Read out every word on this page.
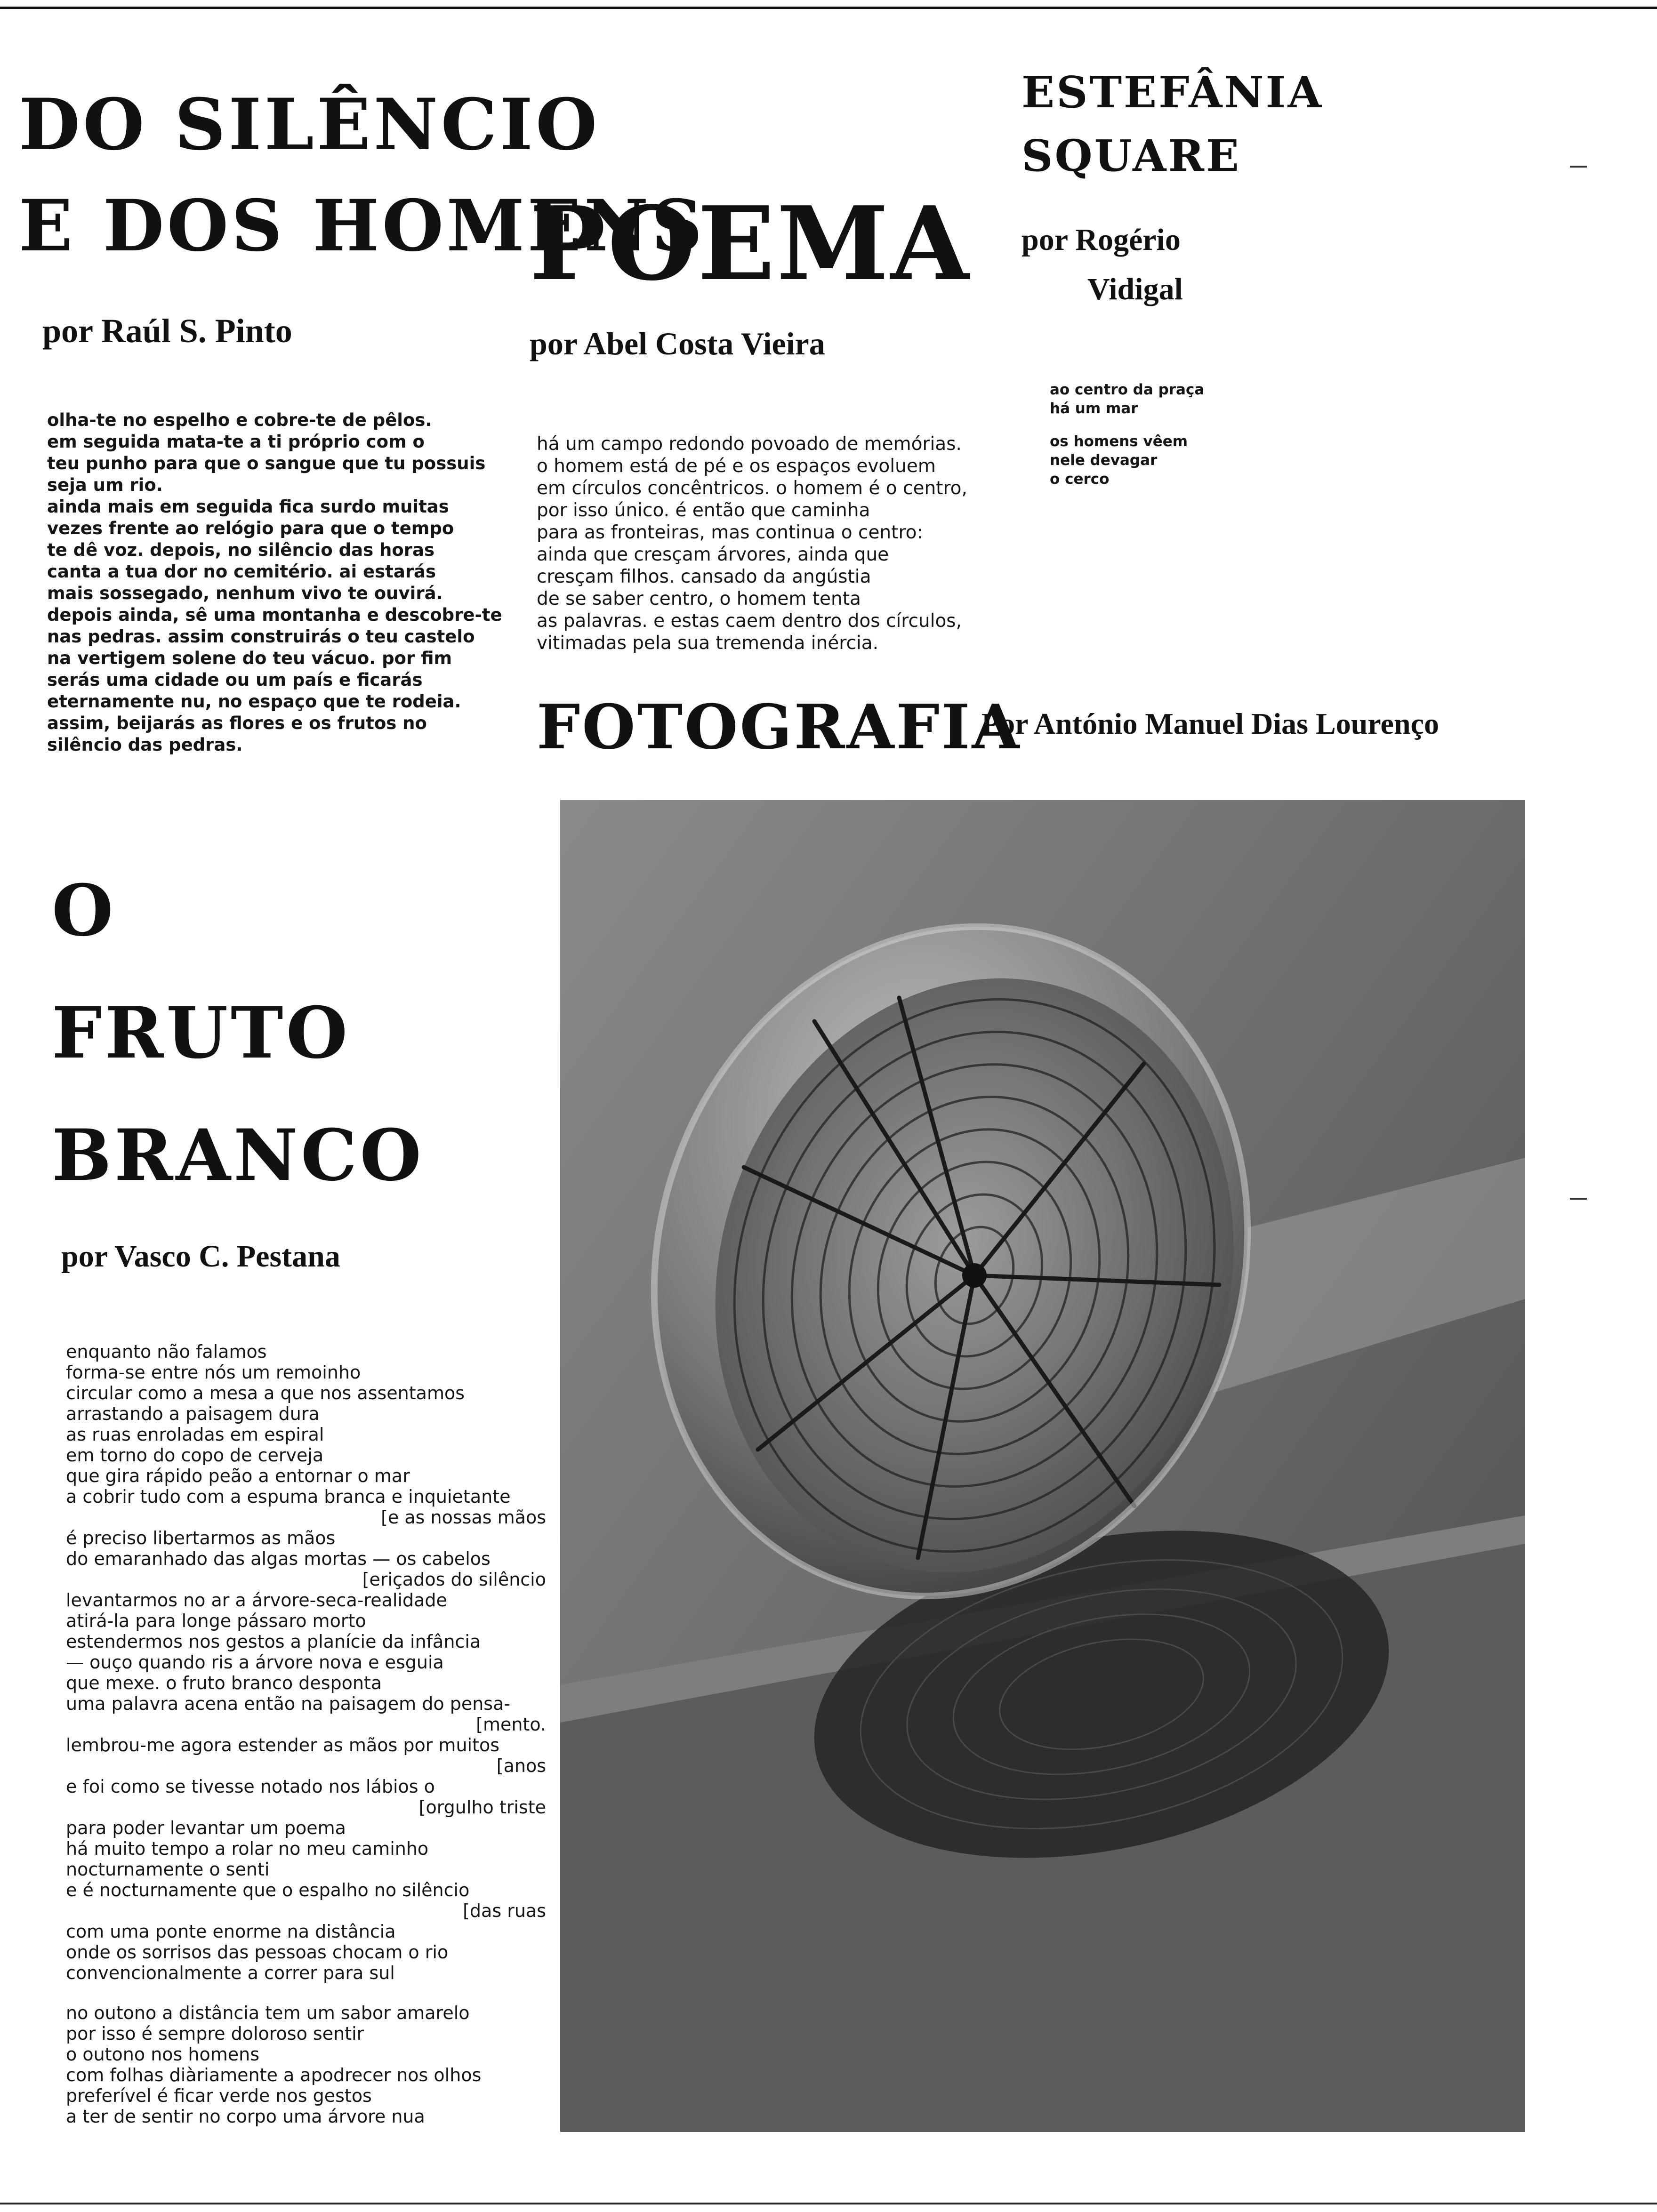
DO SILÊNCIO
E DOS HOMENS

por Raúl S. Pinto

olha-te no espelho e cobre-te de pêlos.
em seguida mata-te a ti próprio com o
teu punho para que o sangue que tu possuis
seja um rio.
ainda mais em seguida fica surdo muitas
vezes frente ao relógio para que o tempo
te dê voz. depois, no silêncio das horas
canta a tua dor no cemitério. ai estarás
mais sossegado, nenhum vivo te ouvirá.
depois ainda, sê uma montanha e descobre-te
nas pedras. assim construirás o teu castelo
na vertigem solene do teu vácuo. por fim
serás uma cidade ou um país e ficarás
eternamente nu, no espaço que te rodeia.
assim, beijarás as flores e os frutos no
silêncio das pedras.
POEMA

por Abel Costa Vieira

há um campo redondo povoado de memórias.
o homem está de pé e os espaços evoluem
em círculos concêntricos. o homem é o centro,
por isso único. é então que caminha
para as fronteiras, mas continua o centro:
ainda que cresçam árvores, ainda que
cresçam filhos. cansado da angústia
de se saber centro, o homem tenta
as palavras. e estas caem dentro dos círculos,
vitimadas pela sua tremenda inércia.
ESTEFÂNIA
SQUARE

por Rogério

Vidigal

ao centro da praça
há um mar
os homens vêem
nele devagar
o cerco
FOTOGRAFIA

Por António Manuel Dias Lourenço

O
FRUTO
BRANCO

por Vasco C. Pestana

enquanto não falamos
forma-se entre nós um remoinho
circular como a mesa a que nos assentamos
arrastando a paisagem dura
as ruas enroladas em espiral
em torno do copo de cerveja
que gira rápido peão a entornar o mar
a cobrir tudo com a espuma branca e inquietante
[e as nossas mãos
é preciso libertarmos as mãos
do emaranhado das algas mortas — os cabelos
[eriçados do silêncio
levantarmos no ar a árvore-seca-realidade
atirá-la para longe pássaro morto
estendermos nos gestos a planície da infância
— ouço quando ris a árvore nova e esguia
que mexe. o fruto branco desponta
uma palavra acena então na paisagem do pensa-
[mento.
lembrou-me agora estender as mãos por muitos
[anos
e foi como se tivesse notado nos lábios o
[orgulho triste
para poder levantar um poema
há muito tempo a rolar no meu caminho
nocturnamente o senti
e é nocturnamente que o espalho no silêncio
[das ruas
com uma ponte enorme na distância
onde os sorrisos das pessoas chocam o rio
convencionalmente a correr para sul
no outono a distância tem um sabor amarelo
por isso é sempre doloroso sentir
o outono nos homens
com folhas diàriamente a apodrecer nos olhos
preferível é ficar verde nos gestos
a ter de sentir no corpo uma árvore nua
